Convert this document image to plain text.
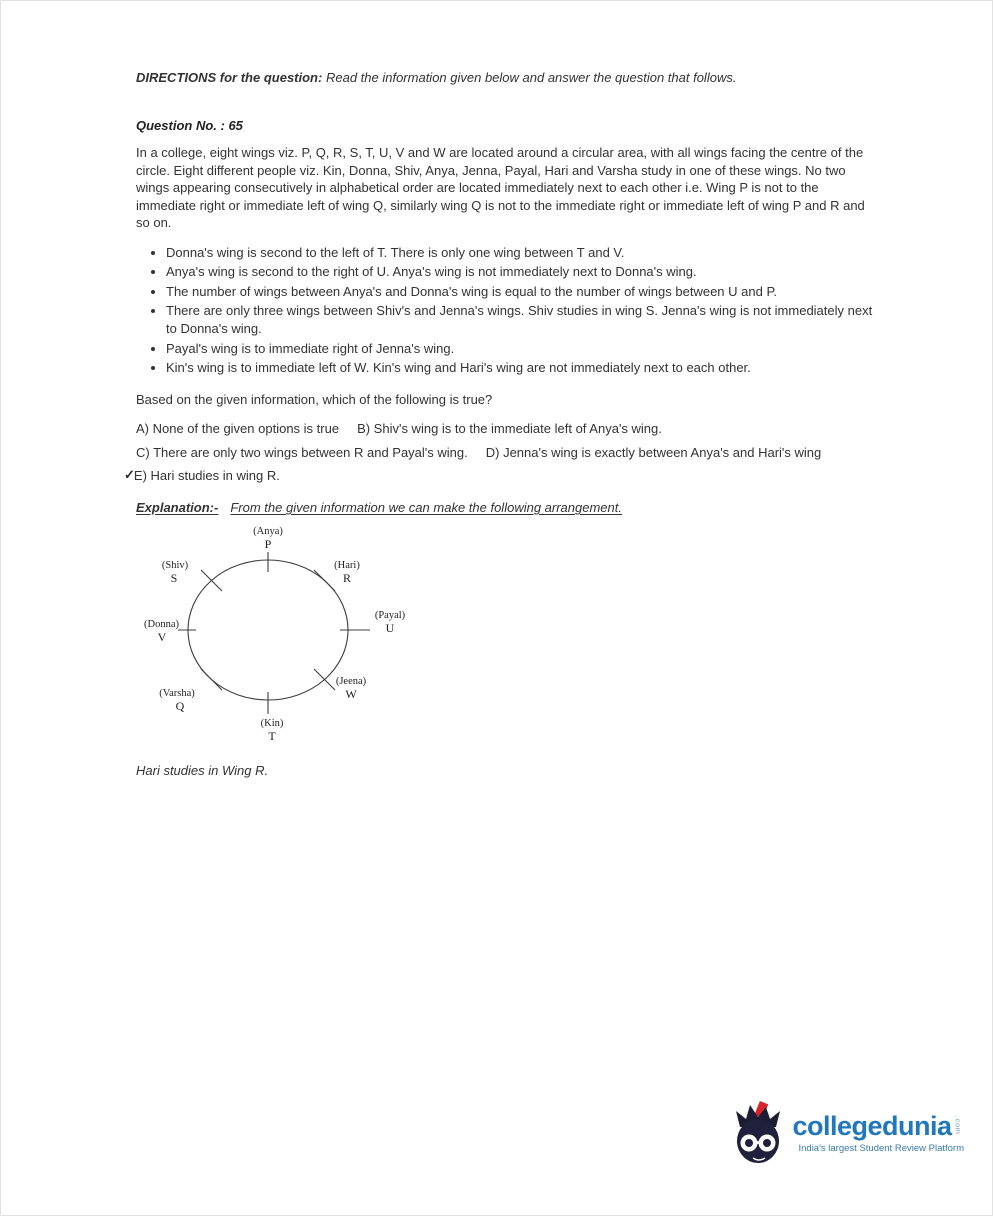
DIRECTIONS for the question: Read the information given below and answer the question that follows.

Question No. : 65

In a college, eight wings viz. P, Q, R, S, T, U, V and W are located around a circular area, with all wings facing the centre of the circle. Eight different people viz. Kin, Donna, Shiv, Anya, Jenna, Payal, Hari and Varsha study in one of these wings. No two wings appearing consecutively in alphabetical order are located immediately next to each other i.e. Wing P is not to the immediate right or immediate left of wing Q, similarly wing Q is not to the immediate right or immediate left of wing P and R and so on.

• Donna's wing is second to the left of T. There is only one wing between T and V.
• Anya's wing is second to the right of U. Anya's wing is not immediately next to Donna's wing.
• The number of wings between Anya's and Donna's wing is equal to the number of wings between U and P.
• There are only three wings between Shiv's and Jenna's wings. Shiv studies in wing S. Jenna's wing is not immediately next to Donna's wing.
• Payal's wing is to immediate right of Jenna's wing.
• Kin's wing is to immediate left of W. Kin's wing and Hari's wing are not immediately next to each other.

Based on the given information, which of the following is true?

A) None of the given options is true B) Shiv's wing is to the immediate left of Anya's wing.

C) There are only two wings between R and Payal's wing. D) Jenna's wing is exactly between Anya's and Hari's wing

✓E) Hari studies in wing R.

Explanation:- From the given information we can make the following arrangement.

(Anya)
P
(Shiv)
S
(Hari)
R
(Donna)
V
(Payal)
U
(Varsha)
Q
(Jeena)
W
(Kin)
T

Hari studies in Wing R.

collegedunia .com
India's largest Student Review Platform
